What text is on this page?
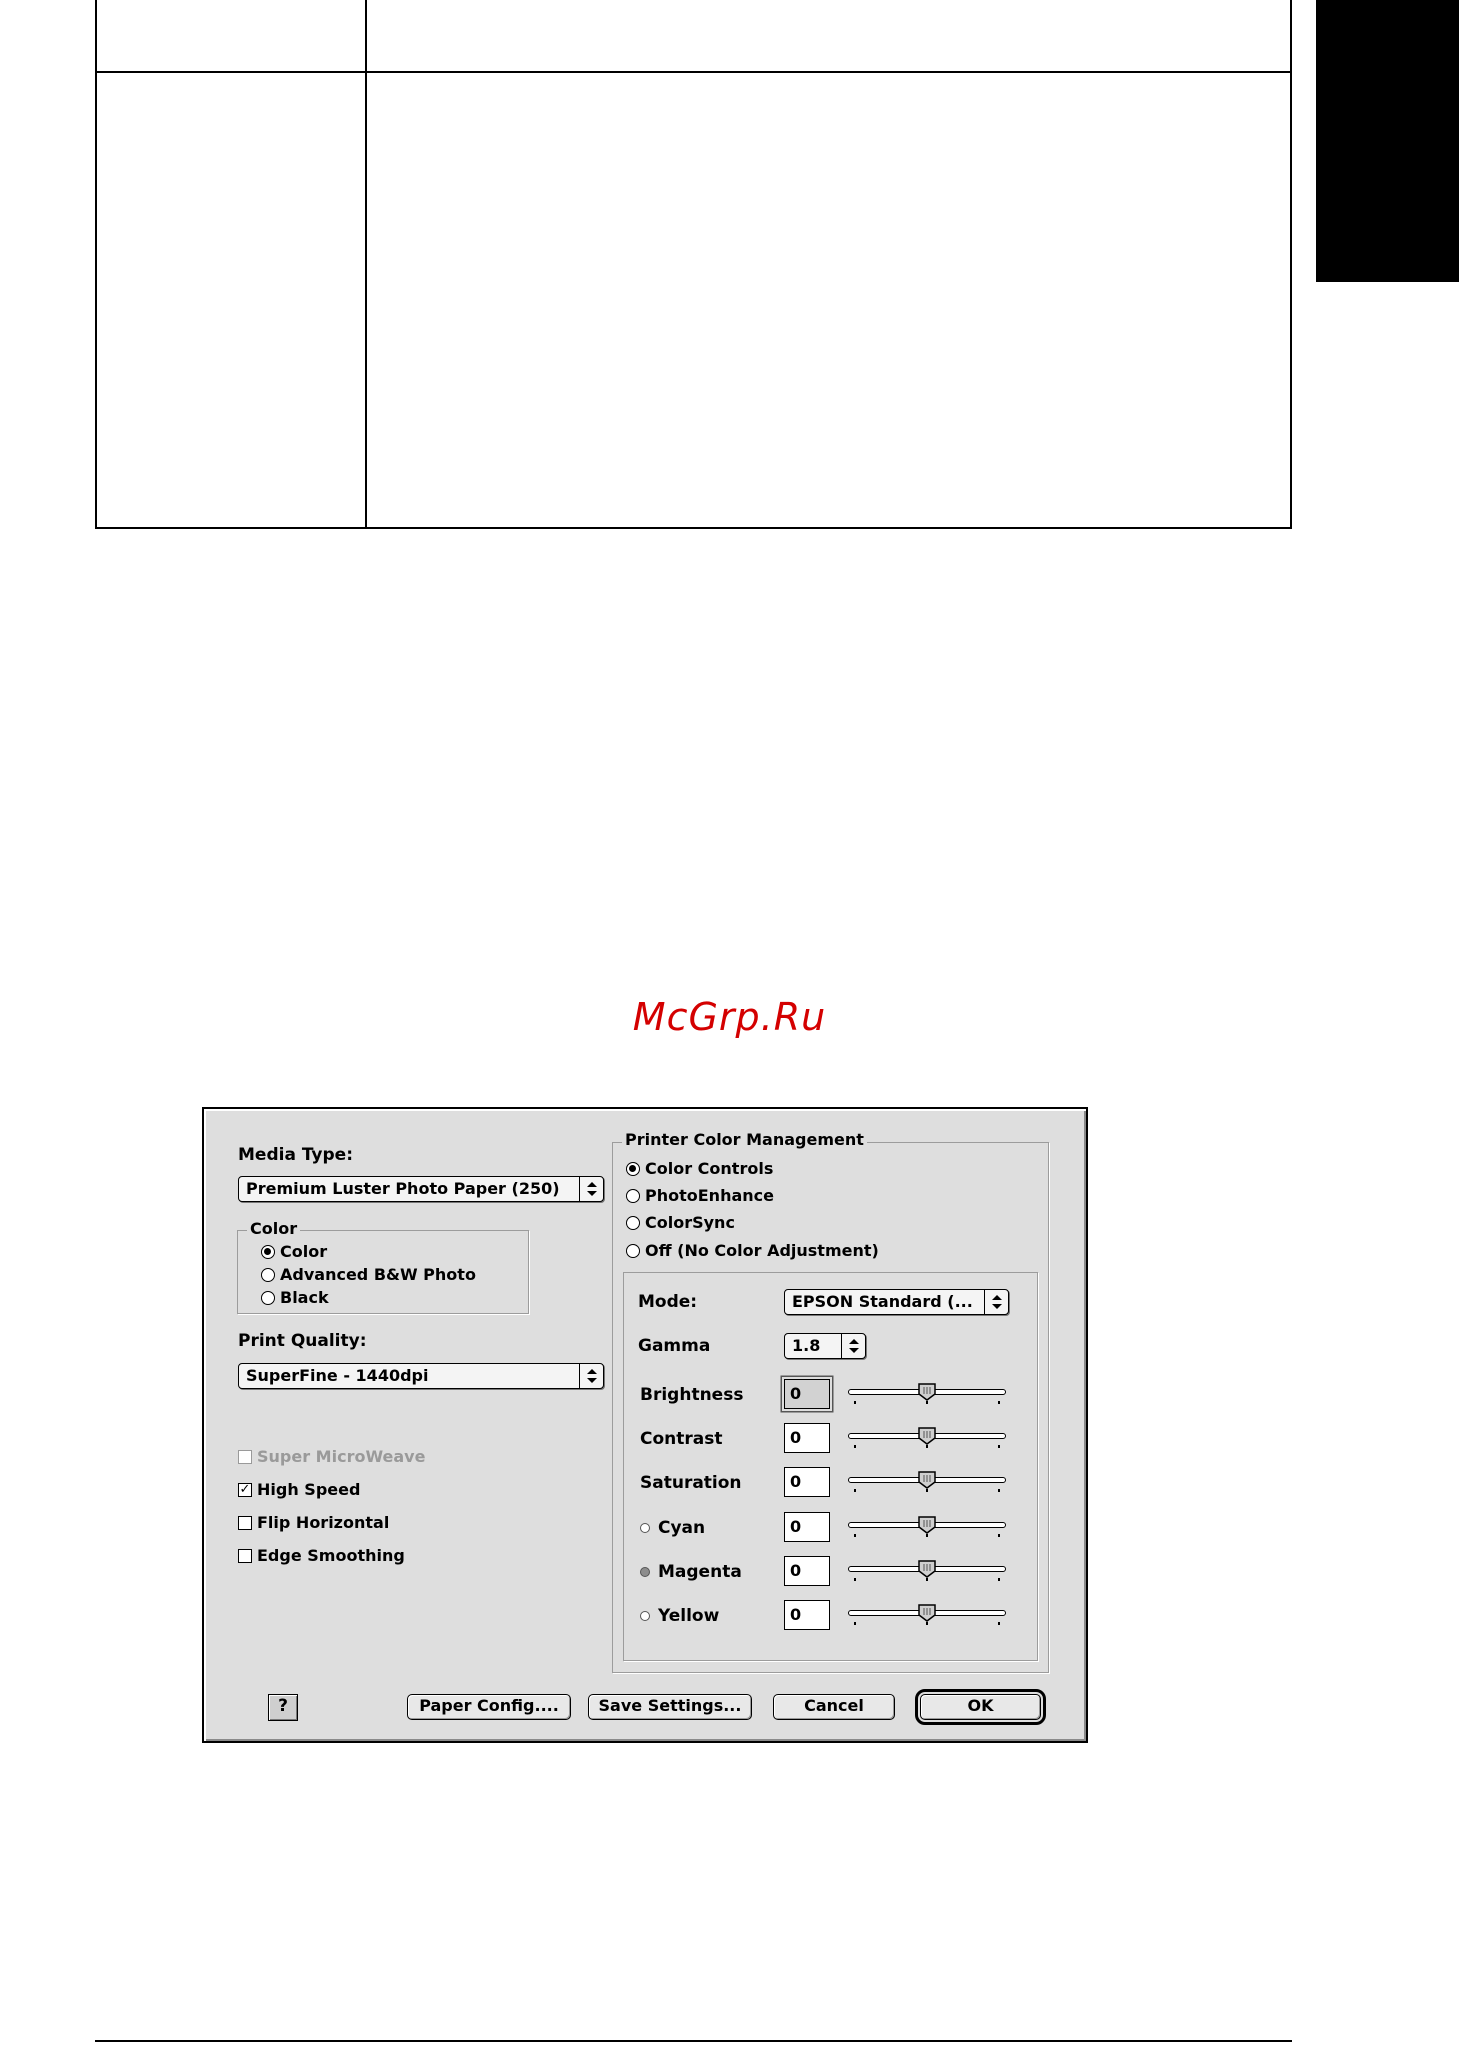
McGrp.Ru
Media Type:
Premium Luster Photo Paper (250)
Color
Color
Advanced B&W Photo
Black
Print Quality:
SuperFine - 1440dpi
Super MicroWeave
✓ High Speed
Flip Horizontal
Edge Smoothing
Printer Color Management
Color Controls
PhotoEnhance
ColorSync
Off (No Color Adjustment)
Mode:	EPSON Standard (...
Gamma	1.8
Brightness	0
Contrast	0
Saturation	0
Cyan	0
Magenta	0
Yellow	0
?	Paper Config....	Save Settings...	Cancel	OK
